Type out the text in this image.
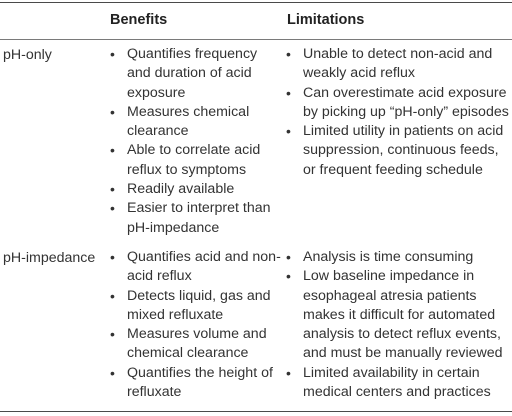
Benefits	Limitations
pH-only	• Quantifies frequency and duration of acid exposure
• Measures chemical clearance
• Able to correlate acid reflux to symptoms
• Readily available
• Easier to interpret than pH-impedance
• Unable to detect non-acid and weakly acid reflux
• Can overestimate acid exposure by picking up “pH-only” episodes
• Limited utility in patients on acid suppression, continuous feeds, or frequent feeding schedule
pH-impedance • Quantifies acid and non-acid reflux
• Detects liquid, gas and mixed refluxate
• Measures volume and chemical clearance
• Quantifies the height of refluxate
• Analysis is time consuming
• Low baseline impedance in esophageal atresia patients makes it difficult for automated analysis to detect reflux events, and must be manually reviewed
• Limited availability in certain medical centers and practices
